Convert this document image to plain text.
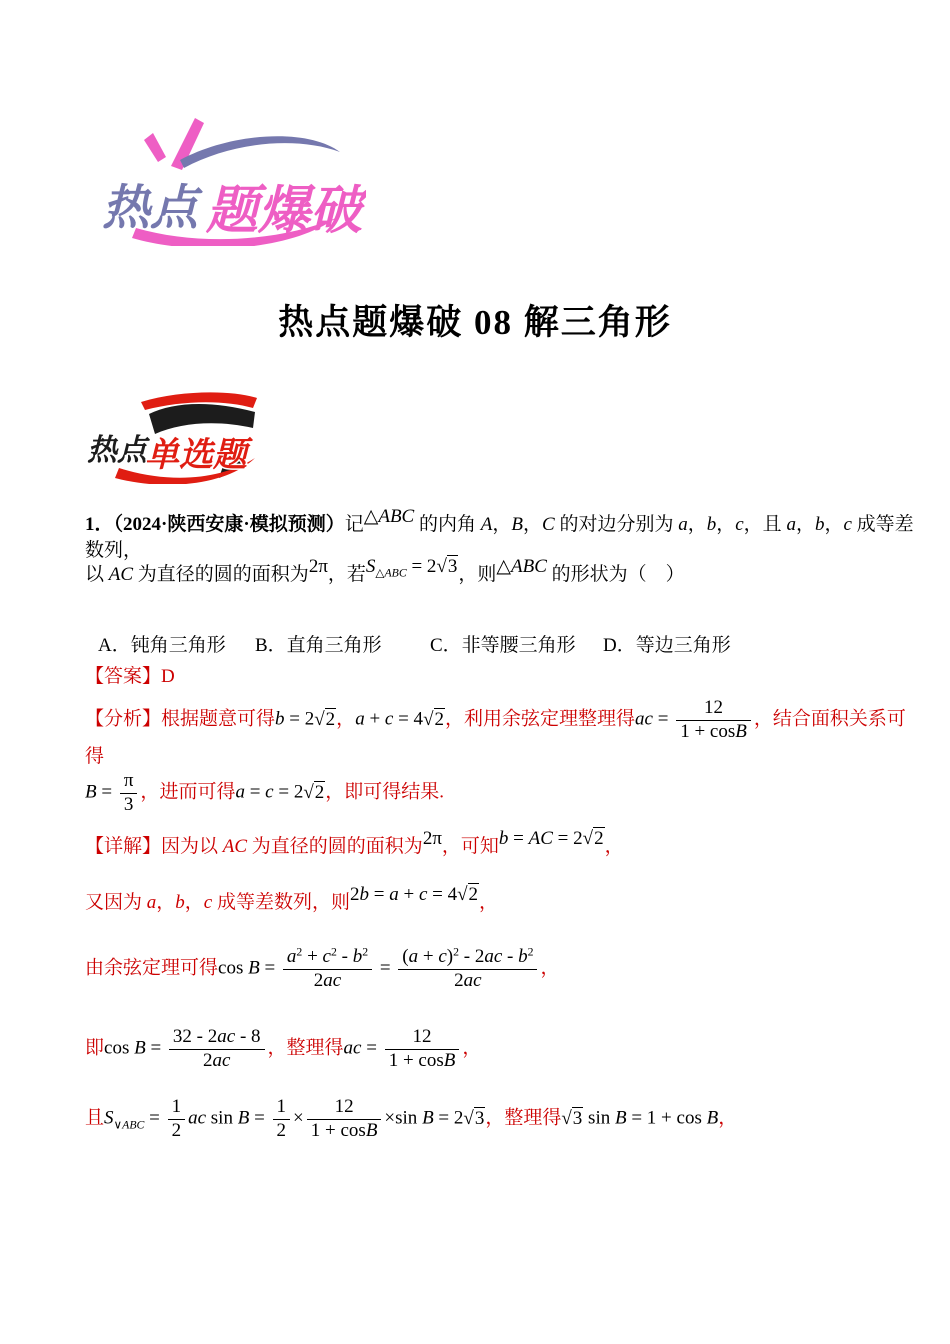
热点 题爆破
热点题爆破 08 解三角形
热点
单选题
1．（2024·陕西安康·模拟预测）记△ABC 的内角 A，B，C 的对边分别为 a，b，c，且 a，b，c 成等差数列，
以 AC 为直径的圆的面积为2π，若$S_{\triangle ABC} = 2√3$，则△ABC 的形状为（　）
A．钝角三角形 B．直角三角形	C．非等腰三角形 D．等边三角形
【答案】D
【分析】根据题意可得b = 2√2，a + c = 4√2，利用余弦定理整理得ac = $\frac{12}{1 + \cos B}$ ，结合面积关系可得
$B = \frac{\pi}{3}$ ，进而可得a = c = 2√2，即可得结果.
【详解】因为以 AC 为直径的圆的面积为2π，可知b = AC = 2√2，
又因为 a，b，c 成等差数列，则2b = a + c = 4√2，
由余弦定理可得$\cos B = \frac{a^2 + c^2 - b^2}{2ac} = \frac{(a + c)^2 - 2ac - b^2}{2ac}$ ，
即$\cos B = \frac{32 - 2ac - 8}{2ac}$ ，整理得ac = $\frac{12}{1 + \cos B}$ ，
且$S_{\vee ABC} = \frac{1}{2}$ ac $\sin B = \frac{1}{2} \times \frac{12}{1 + \cos B} \times\sin$ B = 2√3，整理得√3 sin B = 1 + cos B，
